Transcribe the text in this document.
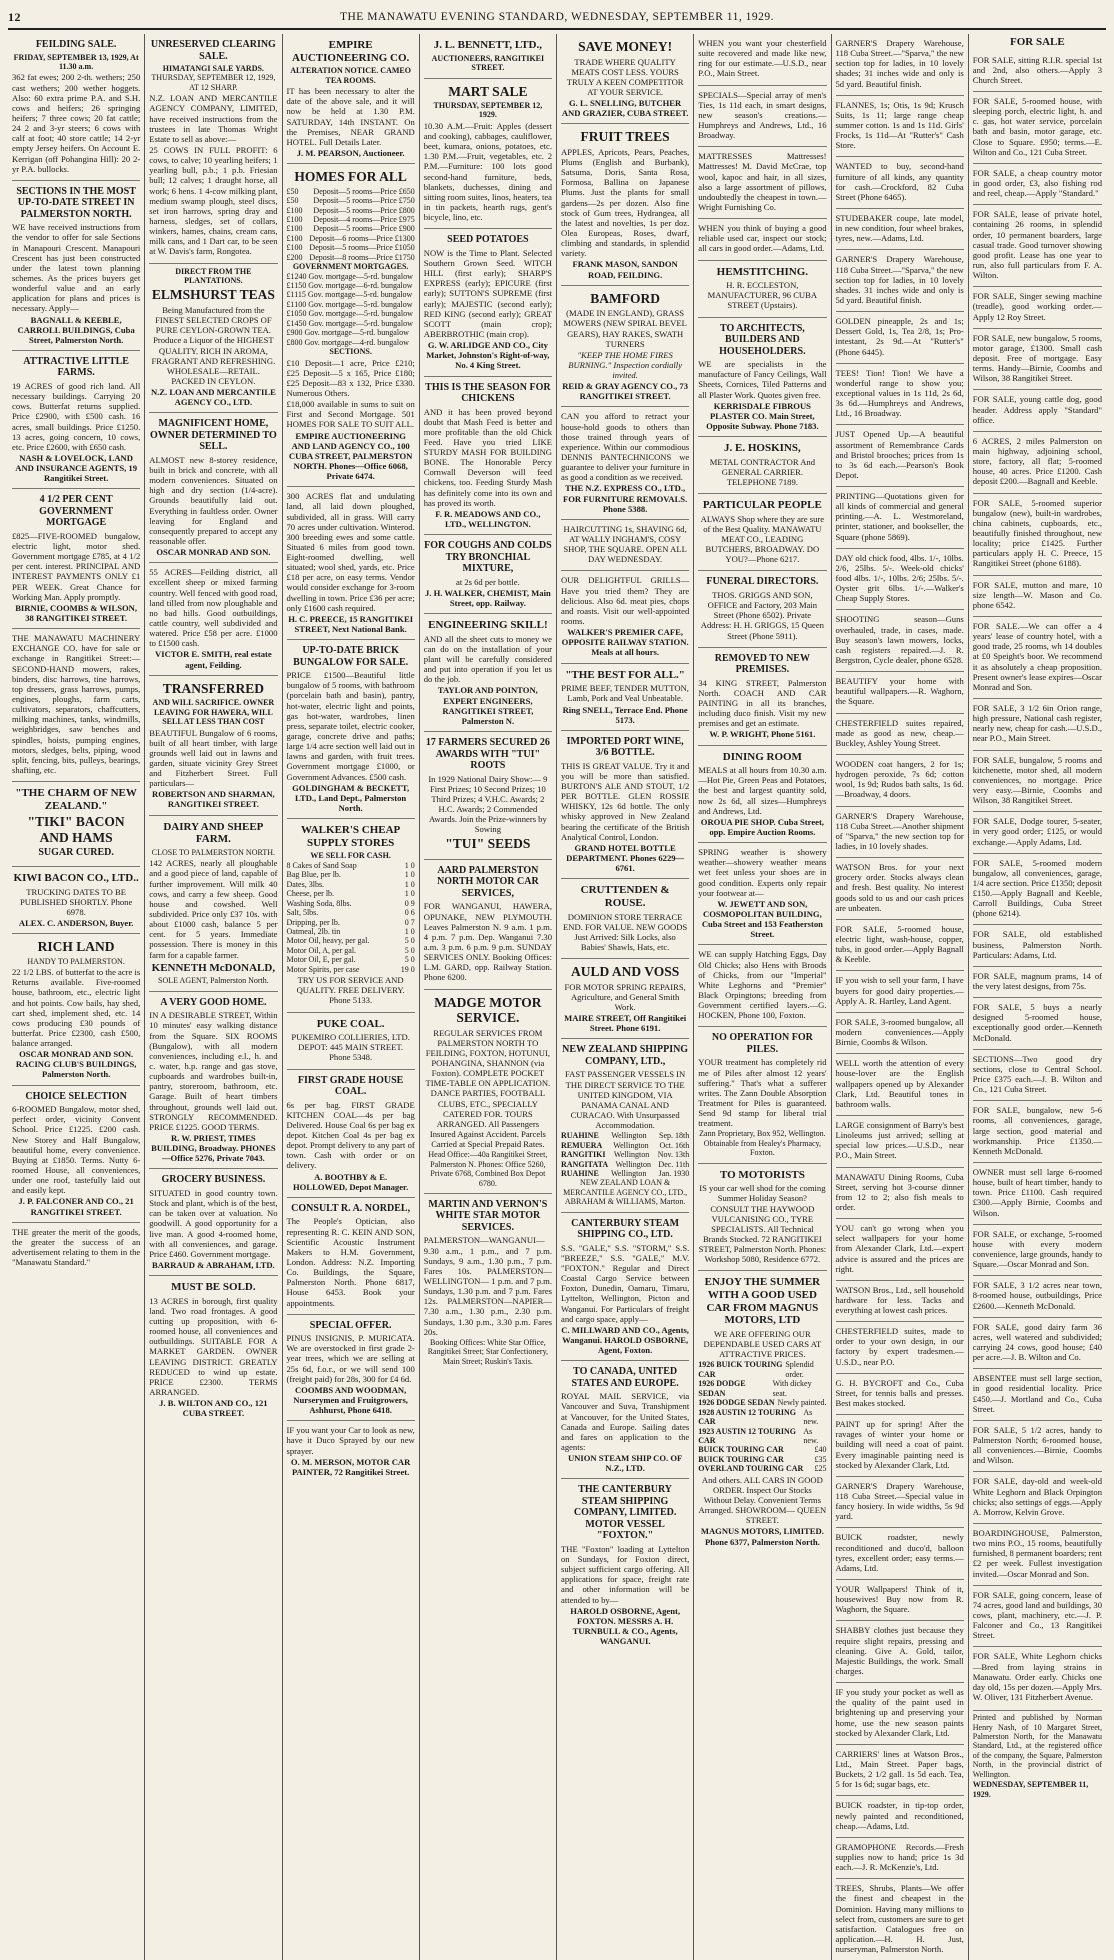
12	THE MANAWATU EVENING STANDARD, WEDNESDAY, SEPTEMBER 11, 1929.
FEILDING SALE.
FRIDAY, SEPTEMBER 13, 1929, At 11.30 a.m.

362 fat ewes; 200 2-th. wethers; 250 cast wethers; 200 wether hoggets. Also: 60 extra prime P.A. and S.H. cows and heifers; 26 springing heifers; 7 three cows; 20 fat cattle; 24 2 and 3-yr steers; 6 cows with calf at foot; 40 store cattle; 14 2-yr empty Jersey heifers. On Account E. Kerrigan (off Pohangina Hill): 20 2-yr P.A. bullocks.

SECTIONS IN THE MOST UP-TO-DATE STREET IN PALMERSTON NORTH.

WE have received instructions from the vendor to offer for sale Sections in Manapouri Crescent. Manapouri Crescent has just been constructed under the latest town planning schemes. As the prices buyers get wonderful value and an early application for plans and prices is necessary. Apply—

BAGNALL & KEEBLE, CARROLL BUILDINGS, Cuba Street, Palmerston North.
ATTRACTIVE LITTLE FARMS.

19 ACRES of good rich land. All necessary buildings. Carrying 20 cows. Butterfat returns supplied. Price £2900, with £500 cash. 16 acres, small buildings. Price £1250. 13 acres, going concern, 10 cows, etc. Price £2600, with £650 cash.

NASH & LOVELOCK, LAND AND INSURANCE AGENTS, 19 Rangitikei Street.
4 1/2 PER CENT GOVERNMENT MORTGAGE

£825—FIVE-ROOMED bungalow, electric light, motor shed. Government mortgage £785, at 4 1/2 per cent. interest. PRINCIPAL AND INTEREST PAYMENTS ONLY £1 PER WEEK. Great Chance for Working Man. Apply promptly.

BIRNIE, COOMBS & WILSON, 38 RANGITIKEI STREET.

THE MANAWATU MACHINERY EXCHANGE CO. have for sale or exchange in Rangitikei Street:— SECOND-HAND mowers, rakes, binders, disc harrows, tine harrows, top dressers, grass harrows, pumps, engines, ploughs, farm carts, cultivators, separators, chaffcutters, milking machines, tanks, windmills, weighbridges, saw benches and spindles, hoists, pumping engines, motors, sledges, belts, piping, wood split, fencing, bits, pulleys, bearings, shafting, etc.

"THE CHARM OF NEW ZEALAND."
"TIKI" BACON AND HAMS
SUGAR CURED.
KIWI BACON CO., LTD..

TRUCKING DATES TO BE PUBLISHED SHORTLY. Phone 6978.

ALEX. C. ANDERSON, Buyer.
RICH LAND
HANDY TO PALMERSTON.

22 1/2 LBS. of butterfat to the acre is Returns available. Five-roomed house, bathroom, etc., electric light and hot points. Cow bails, hay shed, cart shed, implement shed, etc. 14 cows producing £30 pounds of butterfat. Price £2300, cash £500, balance arranged.

OSCAR MONRAD AND SON. RACING CLUB'S BUILDINGS, Palmerston North.
CHOICE SELECTION

6-ROOMED Bungalow, motor shed, perfect order, vicinity Convent School. Price £1225. £200 cash. New Storey and Half Bungalow, beautiful home, every convenience. Buying at £1850. Terms. Nutty 6-roomed House, all conveniences, under one roof, tastefully laid out and easily kept.

J. P. FALCONER AND CO., 21 RANGITIKEI STREET.

THE greater the merit of the goods, the greater the success of an advertisement relating to them in the "Manawatu Standard."

UNRESERVED CLEARING SALE.
HIMATANGI SALE YARDS.
THURSDAY, SEPTEMBER 12, 1929, AT 12 SHARP.

N.Z. LOAN AND MERCANTILE AGENCY COMPANY, LIMITED, have received instructions from the trustees in late Thomas Wright Estate to sell as above:—

25 COWS IN FULL PROFIT: 6 cows, to calve; 10 yearling heifers; 1 yearling bull, p.b.; 1 p.b. Friesian bull; 12 calves; 1 draught horse, all work; 6 hens. 1 4-cow milking plant, medium swamp plough, steel discs, set iron harrows, spring dray and harness, sledges, set of collars, winkers, hames, chains, cream cans, milk cans, and 1 Dart car, to be seen at W. Davis's farm, Rongotea.

DIRECT FROM THE PLANTATIONS.
ELMSHURST TEAS

Being Manufactured from the FINEST SELECTED CROPS OF PURE CEYLON-GROWN TEA. Produce a Liquor of the HIGHEST QUALITY. RICH IN AROMA, FRAGRANT AND REFRESHING. WHOLESALE—RETAIL. PACKED IN CEYLON.

N.Z. LOAN AND MERCANTILE AGENCY CO., LTD.
MAGNIFICENT HOME, OWNER DETERMINED TO SELL.

ALMOST new 8-storey residence, built in brick and concrete, with all modern conveniences. Situated on high and dry section (1/4-acre). Grounds beautifully laid out. Everything in faultless order. Owner leaving for England and consequently prepared to accept any reasonable offer.

OSCAR MONRAD AND SON.

55 ACRES—Feilding district, all excellent sheep or mixed farming country. Well fenced with good road, land tilled from now ploughable and no bad hills. Good outbuildings, cattle country, well subdivided and watered. Price £58 per acre. £1000 to £1500 cash.

VICTOR E. SMITH, real estate agent, Feilding.
TRANSFERRED
AND WILL SACRIFICE. OWNER LEAVING FOR HAWERA, WILL SELL AT LESS THAN COST

BEAUTIFUL Bungalow of 6 rooms, built of all heart timber, with large grounds well laid out in lawns and garden, situate vicinity Grey Street and Fitzherbert Street. Full particulars—

ROBERTSON AND SHARMAN, RANGITIKEI STREET.
DAIRY AND SHEEP FARM.
CLOSE TO PALMERSTON NORTH.

142 ACRES, nearly all ploughable and a good piece of land, capable of further improvement. Will milk 40 cows, and carry a few sheep. Good house and cowshed. Well subdivided. Price only £37 10s. with about £1000 cash, balance 5 per cent. for 5 years. Immediate possession. There is money in this farm for a capable farmer.

KENNETH McDONALD,
SOLE AGENT, Palmerston North.
A VERY GOOD HOME.

IN A DESIRABLE STREET, Within 10 minutes' easy walking distance from the Square. SIX ROOMS (Bungalow), with all modern conveniences, including e.l., h. and c. water, h.p. range and gas stove, cupboards and wardrobes built-in, pantry, storeroom, bathroom, etc. Garage. Built of heart timbers throughout, grounds well laid out. STRONGLY RECOMMENDED. PRICE £1225. GOOD TERMS.

R. W. PRIEST, TIMES BUILDING, Broadway. PHONES—Office 5276, Private 7043.
GROCERY BUSINESS.

SITUATED in good country town. Stock and plant, which is of the best, can be taken over at valuation. No goodwill. A good opportunity for a live man. A good 4-roomed home, with all conveniences, and garage. Price £460. Government mortgage.

BARRAUD & ABRAHAM, LTD.
MUST BE SOLD.

13 ACRES in borough, first quality land. Two road frontages. A good cutting up proposition, with 6-roomed house, all conveniences and outbuildings. SUITABLE FOR A MARKET GARDEN. OWNER LEAVING DISTRICT. GREATLY REDUCED to wind up estate. PRICE £2300. TERMS ARRANGED.

J. B. WILTON AND CO., 121 CUBA STREET.
EMPIRE AUCTIONEERING CO.
ALTERATION NOTICE. CAMEO TEA ROOMS.

IT has been necessary to alter the date of the above sale, and it will now be held at 1.30 P.M. SATURDAY, 14th INSTANT. On the Premises, NEAR GRAND HOTEL. Full Details Later.

J. M. PEARSON, Auctioneer.
HOMES FOR ALL
£50 Deposit—5 rooms—Price £650
£50 Deposit—5 rooms—Price £750
£100 Deposit—5 rooms—Price £800
£100 Deposit—4 rooms—Price £975
£100 Deposit—5 rooms—Price £900
£100 Deposit—6 rooms—Price £1300
£100 Deposit—5 rooms—Price £1050
£200 Deposit—8 rooms—Price £1750
GOVERNMENT MORTGAGES.
£1240 Gov. mortgage—5-rd. bungalow
£1150 Gov. mortgage—6-rd. bungalow
£1115 Gov. mortgage—5-rd. bungalow
£1100 Gov. mortgage—5-rd. bungalow
£1050 Gov. mortgage—5-rd. bungalow
£1450 Gov. mortgage—5-rd. bungalow
£900 Gov. mortgage—5-rd. bungalow
£800 Gov. mortgage—4-rd. bungalow
SECTIONS.

£10 Deposit—1 acre, Price £210; £25 Deposit—5 x 165, Price £180; £25 Deposit—83 x 132, Price £330. Numerous Others.

£18,000 available in sums to suit on First and Second Mortgage. 501 HOMES FOR SALE TO SUIT ALL.

EMPIRE AUCTIONEERING AND LAND AGENCY CO., 100 CUBA STREET, PALMERSTON NORTH. Phones—Office 6068, Private 6474.

300 ACRES flat and undulating land, all laid down ploughed, subdivided, all in grass. Will carry 70 acres under cultivation. Winterod. 300 breeding ewes and some cattle. Situated 6 miles from good town. Eight-roomed dwelling, well situated; wool shed, yards, etc. Price £18 per acre, on easy terms. Vendor would consider exchange for 3-room dwelling in town. Price £36 per acre; only £1600 cash required.

H. C. PREECE, 15 RANGITIKEI STREET, Next National Bank.
UP-TO-DATE BRICK BUNGALOW FOR SALE.

PRICE £1500—Beautiful little bungalow of 5 rooms, with bathroom (porcelain bath and basin), pantry, hot-water, electric light and points, gas hot-water, wardrobes, linen press, separate toilet, electric cooker, garage, concrete drive and paths; large 1/4 acre section well laid out in lawns and garden, with fruit trees. Government mortgage £1000, or Government Advances. £500 cash.

GOLDINGHAM & BECKETT, LTD., Land Dept., Palmerston North.
WALKER'S CHEAP SUPPLY STORES
WE SELL FOR CASH.
8 Cakes of Sand Soap	1 0
Bag Blue, per lb.	1 0
Dates, 3lbs.	1 0
Cheese, per lb.	1 0
Washing Soda, 8lbs.	0 9
Salt, 5lbs.	0 6
Dripping, per lb.	0 7
Oatmeal, 2lb. tin	1 0
Motor Oil, heavy, per gal.	5 0
Motor Oil, A, per gal.	5 0
Motor Oil, E, per gal.	5 0
Motor Spirits, per case	19 0

TRY US FOR SERVICE AND QUALITY. FREE DELIVERY. Phone 5133.

PUKE COAL.

PUKEMIRO COLLIERIES, LTD. DEPOT: 445 MAIN STREET. Phone 5348.

FIRST GRADE HOUSE COAL.

6s per bag. FIRST GRADE KITCHEN COAL—4s per bag Delivered. House Coal 6s per bag ex depot. Kitchen Coal 4s per bag ex depot. Prompt delivery to any part of town. Cash with order or on delivery.

A. BOOTHBY & E. HOLLOWED, Depot Manager.
CONSULT R. A. NORDEL,

The People's Optician, also representing R. C. KEIN AND SON, Scientific Acoustic Instrument Makers to H.M. Government, London. Address: N.Z. Importing Co. Buildings, the Square, Palmerston North. Phone 6817, House 6453. Book your appointments.

SPECIAL OFFER.

PINUS INSIGNIS, P. MURICATA. We are overstocked in first grade 2-year trees, which we are selling at 25s 6d, f.o.r., or we will send 100 (freight paid) for 28s, 300 for £4 6d.

COOMBS AND WOODMAN, Nurserymen and Fruitgrowers, Ashhurst, Phone 6418.

IF you want your Car to look as new, have it Duco Sprayed by our new sprayer.

O. M. MERSON, MOTOR CAR PAINTER, 72 Rangitikei Street.
J. L. BENNETT, LTD.,
AUCTIONEERS, RANGITIKEI STREET.
MART SALE
THURSDAY, SEPTEMBER 12, 1929.

10.30 A.M.—Fruit: Apples (dessert and cooking), cabbages, cauliflower, beet, kumara, onions, potatoes, etc. 1.30 P.M.—Fruit, vegetables, etc. 2 P.M.—Furniture: 100 lots good second-hand furniture, beds, blankets, duchesses, dining and sitting room suites, linos, heaters, tea in tin packets, hearth rugs, gent's bicycle, lino, etc.

SEED POTATOES

NOW is the Time to Plant. Selected Southern Grown Seed. WITCH HILL (first early); SHARP'S EXPRESS (early); EPICURE (first early); SUTTON'S SUPREME (first early); MAJESTIC (second early); RED KING (second early); GREAT SCOTT (main crop); ABERBROTHIC (main crop).

G. W. ARLIDGE AND CO., City Market, Johnston's Right-of-way, No. 4 King Street.
THIS IS THE SEASON FOR CHICKENS

AND it has been proved beyond doubt that Mash Feed is better and more profitable than the old Chick Feed. Have you tried LIKE STURDY MASH FOR BUILDING BONE. The Honorable Percy Cornwall Deverson will feed chickens, too. Feeding Sturdy Mash has definitely come into its own and has proved its worth.

F. R. MEADOWS AND CO., LTD., WELLINGTON.
FOR COUGHS AND COLDS TRY BRONCHIAL MIXTURE,

at 2s 6d per bottle.

J. H. WALKER, CHEMIST, Main Street, opp. Railway.
ENGINEERING SKILL!

AND all the sheet cuts to money we can do on the installation of your plant will be carefully considered and put into operation if you let us do the job.

TAYLOR AND POINTON, EXPERT ENGINEERS, RANGITIKEI STREET, Palmerston N.
17 FARMERS SECURED 26 AWARDS WITH "TUI" ROOTS

In 1929 National Dairy Show:— 9 First Prizes; 10 Second Prizes; 10 Third Prizes; 4 V.H.C. Awards; 2 H.C. Awards; 2 Commended Awards. Join the Prize-winners by Sowing

"TUI" SEEDS
AARD PALMERSTON NORTH MOTOR CAR SERVICES,

FOR WANGANUI, HAWERA, OPUNAKE, NEW PLYMOUTH. Leaves Palmerston N. 9 a.m. 1 p.m. 4 p.m. 7 p.m. Dep. Wanganui 7.30 a.m. 3 p.m. 6 p.m. 9 p.m. SUNDAY SERVICES ONLY. Booking Offices: L.M. GARD, opp. Railway Station. Phone 6200.

MADGE MOTOR SERVICE.

REGULAR SERVICES FROM PALMERSTON NORTH TO FEILDING, FOXTON, HOTUNUI, POHANGINA, SHANNON (via Foxton). COMPLETE POCKET TIME-TABLE ON APPLICATION. DANCE PARTIES, FOOTBALL CLUBS, ETC., SPECIALLY CATERED FOR. TOURS ARRANGED. All Passengers Insured Against Accident. Parcels Carried at Special Prepaid Rates.

Head Office:—40a Rangitikei Street, Palmerston N. Phones: Office 5260, Private 6768, Combined Box Depot 6780.
MARTIN AND VERNON'S WHITE STAR MOTOR SERVICES.

PALMERSTON—WANGANUI— 9.30 a.m., 1 p.m., and 7 p.m. Sundays, 9 a.m., 1.30 p.m., 7 p.m. Fares 10s. PALMERSTON—WELLINGTON— 1 p.m. and 7 p.m. Sundays, 1.30 p.m. and 7 p.m. Fares 12s. PALMERSTON—NAPIER— 7.30 a.m., 1.30 p.m., 2.30 p.m. Sundays, 1.30 p.m., 3.30 p.m. Fares 20s.

Booking Offices: White Star Office, Rangitikei Street; Star Confectionery, Main Street; Ruskin's Taxis.
SAVE MONEY!

TRADE WHERE QUALITY MEATS COST LESS. YOURS TRULY A KEEN COMPETITOR AT YOUR SERVICE.

G. L. SNELLING, BUTCHER AND GRAZIER, CUBA STREET.
FRUIT TREES

APPLES, Apricots, Pears, Peaches, Plums (English and Burbank), Satsuma, Doris, Santa Rosa, Formosa, Ballina on Japanese Plums. Just the plants for small gardens—2s per dozen. Also fine stock of Gum trees, Hydrangea, all the latest and novelties, 1s per doz. Olea Europeas, Roses, dwarf, climbing and standards, in splendid variety.

FRANK MASON, SANDON ROAD, FEILDING.
BAMFORD

(MADE IN ENGLAND), GRASS MOWERS (NEW SPIRAL BEVEL GEARS), HAY RAKES, SWATH TURNERS

"KEEP THE HOME FIRES BURNING." Inspection cordially invited.

REID & GRAY AGENCY CO., 73 RANGITIKEI STREET.

CAN you afford to retract your house-hold goods to others than those trained through years of experience. Within our commodious DENNIS PANTECHNICONS we guarantee to deliver your furniture in as good a condition as we received.

THE N.Z. EXPRESS CO., LTD., FOR FURNITURE REMOVALS. Phone 5388.

HAIRCUTTING 1s, SHAVING 6d, AT WALLY INGHAM'S, COSY SHOP, THE SQUARE. OPEN ALL DAY WEDNESDAY.

OUR DELIGHTFUL GRILLS—Have you tried them? They are delicious. Also 6d. meat pies, chops and roasts. Visit our well-appointed rooms.

WALKER'S PREMIER CAFE, OPPOSITE RAILWAY STATION. Meals at all hours.
"THE BEST FOR ALL."

PRIME BEEF, TENDER MUTTON, Lamb, Pork and Veal Unbeatable.

Ring SNELL, Terrace End. Phone 5173.
IMPORTED PORT WINE, 3/6 BOTTLE.

THIS IS GREAT VALUE. Try it and you will be more than satisfied. BURTON'S ALE AND STOUT, 1/2 PER BOTTLE. GLEN ROSSIE WHISKY, 12s 6d bottle. The only whisky approved in New Zealand bearing the certificate of the British Analytical Control, London.

GRAND HOTEL BOTTLE DEPARTMENT. Phones 6229—6761.
CRUTTENDEN & ROUSE.

DOMINION STORE TERRACE END. FOR VALUE. NEW GOODS Just Arrived: Silk Locks, also Babies' Shawls, Hats, etc.

AULD AND VOSS

FOR MOTOR SPRING REPAIRS, Agriculture, and General Smith Work.

MAIRE STREET, Off Rangitikei Street. Phone 6191.
NEW ZEALAND SHIPPING COMPANY, LTD.,

FAST PASSENGER VESSELS IN THE DIRECT SERVICE TO THE UNITED KINGDOM, VIA PANAMA CANAL AND CURACAO. With Unsurpassed Accommodation.

RUAHINE Wellington Sep. 18th
REMUERA Wellington Oct. 16th
RANGITIKI Wellington Nov. 13th
RANGITATA Wellington Dec. 11th
RUAHINE Wellington Jan. 1930
NEW ZEALAND LOAN & MERCANTILE AGENCY CO., LTD., ABRAHAM & WILLIAMS, Marton.
CANTERBURY STEAM SHIPPING CO., LTD.

S.S. "GALE," S.S. "STORM," S.S. "BREEZE," S.S. "GALE," M.V. "FOXTON." Regular and Direct Coastal Cargo Service between Foxton, Dunedin, Oamaru, Timaru, Lyttelton, Wellington, Picton and Wanganui. For Particulars of freight and cargo space, apply—

C. MILLWARD AND CO., Agents, Wanganui. HAROLD OSBORNE, Agent, Foxton.
TO CANADA, UNITED STATES AND EUROPE.

ROYAL MAIL SERVICE, via Vancouver and Suva, Transhipment at Vancouver, for the United States, Canada and Europe. Sailing dates and fares on application to the agents:

UNION STEAM SHIP CO. OF N.Z., LTD.
THE CANTERBURY STEAM SHIPPING COMPANY, LIMITED. MOTOR VESSEL "FOXTON."

THE "Foxton" loading at Lyttelton on Sundays, for Foxton direct, subject sufficient cargo offering. All applications for space, freight rate and other information will be attended to by—

HAROLD OSBORNE, Agent, FOXTON. MESSRS A. H. TURNBULL & CO., Agents, WANGANUI.

WHEN you want your chesterfield suite recovered and made like new, ring for our estimate.—U.S.D., near P.O., Main Street.

SPECIALS—Special array of men's Ties, 1s 11d each, in smart designs, new season's creations.—Humphreys and Andrews, Ltd., 16 Broadway.

MATTRESSES Mattresses! Mattresses! M. David McCrae, top wool, kapoc and hair, in all sizes, also a large assortment of pillows, undoubtedly the cheapest in town.—Wright Furnishing Co.

WHEN you think of buying a good reliable used car, inspect our stock; all cars in good order.—Adams, Ltd.

HEMSTITCHING.

H. R. ECCLESTON, MANUFACTURER, 96 CUBA STREET (Upstairs).

TO ARCHITECTS, BUILDERS AND HOUSEHOLDERS.

WE are specialists in the manufacture of Fancy Ceilings, Wall Sheets, Cornices, Tiled Patterns and all Plaster Work. Quotes given free.

KERRISDALE FIBROUS PLASTER CO. Main Street, Opposite Subway. Phone 7183.
J. E. HOSKINS,

METAL CONTRACTOR And GENERAL CARRIER. TELEPHONE 7189.

PARTICULAR PEOPLE

ALWAYS Shop where they are sure of the Best Quality. MANAWATU MEAT CO., LEADING BUTCHERS, BROADWAY. DO YOU?—Phone 6217.

FUNERAL DIRECTORS.

THOS. GRIGGS AND SON, OFFICE and Factory, 203 Main Street (Phone 6502). Private Address: H. H. GRIGGS, 15 Queen Street (Phone 5911).

REMOVED TO NEW PREMISES.

34 KING STREET, Palmerston North. COACH AND CAR PAINTING in all its branches, including duco finish. Visit my new premises and get an estimate.

W. P. WRIGHT, Phone 5161.
DINING ROOM

MEALS at all hours from 10.30 a.m.—Hot Pie, Green Peas and Potatoes, the best and largest quantity sold, now 2s 6d, all sizes—Humphreys and Andrews, Ltd.

OROUA PIE SHOP. Cuba Street, opp. Empire Auction Rooms.

SPRING weather is showery weather—showery weather means wet feet unless your shoes are in good condition. Experts only repair your footwear at—

W. JEWETT AND SON, COSMOPOLITAN BUILDING, Cuba Street and 153 Featherston Street.

WE can supply Hatching Eggs, Day Old Chicks; also Hens with Broods of Chicks, from our "Imperial" White Leghorns and "Premier" Black Orpingtons; breeding from Government certified layers.—G. HOCKEN, Phone 100, Foxton.

NO OPERATION FOR PILES.

YOUR treatment has completely rid me of Piles after almost 12 years' suffering." That's what a sufferer writes. The Zann Double Absorption Treatment for Piles is guaranteed. Send 9d stamp for liberal trial treatment.

Zann Proprietary, Box 952, Wellington. Obtainable from Healey's Pharmacy, Foxton.
TO MOTORISTS

IS your car well shod for the coming Summer Holiday Season? CONSULT THE HAYWOOD VULCANISING CO., TYRE SPECIALISTS. All Technical Brands Stocked. 72 RANGITIKEI STREET, Palmerston North. Phones: Workshop 5080, Residence 6772.

ENJOY THE SUMMER WITH A GOOD USED CAR FROM MAGNUS MOTORS, LTD

WE ARE OFFERING OUR DEPENDABLE USED CARS AT ATTRACTIVE PRICES.

1926 BUICK TOURING CAR
Splendid order.
1926 DODGE SEDAN
With dickey seat.
1926 DODGE SEDAN Newly painted.
1928 AUSTIN 12 TOURING CAR
As new.
1923 AUSTIN 12 TOURING CAR
As new.
BUICK TOURING CAR	£40
BUICK TOURING CAR	£35
OVERLAND TOURING CAR £25

And others. ALL CARS IN GOOD ORDER. Inspect Our Stocks Without Delay. Convenient Terms Arranged. SHOWROOM— QUEEN STREET.

MAGNUS MOTORS, LIMITED. Phone 6377, Palmerston North.

GARNER'S Drapery Warehouse, 118 Cuba Street.—"Sparva," the new section top for ladies, in 10 lovely shades; 31 inches wide and only is 5d yard. Beautiful finish.

FLANNES, 1s; Otis, 1s 9d; Krusch Suits, 1s 11; large range cheap summer cotton. 1s and 1s 11d. Girls' Frocks, 1s 11d—At "Rutter's" Cash Store.

WANTED to buy, second-hand furniture of all kinds, any quantity for cash.—Crockford, 82 Cuba Street (Phone 6465).

STUDEBAKER coupe, late model, in new condition, four wheel brakes, tyres, new.—Adams, Ltd.

GARNER'S Drapery Warehouse, 118 Cuba Street.—"Sparva," the new section top for ladies, in 10 lovely shades. 31 inches wide and only is 5d yard. Beautiful finish.

GOLDEN pineapple, 2s and 1s; Dessert Gold, 1s, Tea 2/8, 1s; Pro-intestant, 2s 9d.—At "Rutter's" (Phone 6445).

TEES! Tion! Tion! We have a wonderful range to show you; exceptional values in 1s 11d, 2s 6d, 3s 6d.—Humphreys and Andrews, Ltd., 16 Broadway.

JUST Opened Up.—A beautiful assortment of Remembrance Cards and Bristol brooches; prices from 1s to 3s 6d each.—Pearson's Book Depot.

PRINTING—Quotations given for all kinds of commercial and general printing.—A. L. Westmoreland, printer, stationer, and bookseller, the Square (phone 5869).

DAY old chick food, 4lbs. 1/-, 10lbs. 2/6, 25lbs. 5/-. Week-old chicks' food 4lbs. 1/-, 10lbs. 2/6; 25lbs. 5/-. Oyster grit 6lbs. 1/-.—Walker's Cheap Supply Stores.

SHOOTING season—Guns overhauled, trade, in cases, made. Buy season's lawn mowers, locks, cash registers repaired.—J. R. Bergstron, Cycle dealer, phone 6528.

BEAUTIFY your home with beautiful wallpapers.—R. Waghorn, the Square.

CHESTERFIELD suites repaired, made as good as new, cheap.—Buckley, Ashley Young Street.

WOODEN coat hangers, 2 for 1s; hydrogen peroxide, 7s 6d; cotton wool, 1s 9d; Rudos bath salts, 1s 6d.—Broadway, 4 doors.

GARNER'S Drapery Warehouse, 118 Cuba Street.—Another shipment of "Sparva," the new section top for ladies, in 10 lovely shades.

WATSON Bros. for your next grocery order. Stocks always clean and fresh. Best quality. No interest goods sold to us and our cash prices are unbeaten.

FOR SALE, 5-roomed house, electric light, wash-house, copper, tubs, in good order.—Apply Bagnall & Keeble.

IF you wish to sell your farm, I have buyers for good dairy properties.—Apply A. R. Hartley, Land Agent.

FOR SALE, 3-roomed bungalow, all modern conveniences.—Apply Birnie, Coombs & Wilson.

WELL worth the attention of every house-lover are the English wallpapers opened up by Alexander Clark, Ltd. Beautiful tones in bathroom walls.

LARGE consignment of Barry's best Linoleums just arrived; selling at special low prices.—U.S.D., near P.O., Main Street.

MANAWATU Dining Rooms, Cuba Street, serving hot 3-course dinner from 12 to 2; also fish meals to order.

YOU can't go wrong when you select wallpapers for your home from Alexander Clark, Ltd.—expert advice is assured and the prices are right.

WATSON Bros., Ltd., sell household hardware for less. Tacks and everything at lowest cash prices.

CHESTERFIELD suites, made to order to your own design, in our factory by expert tradesmen.—U.S.D., near P.O.

G. H. BYCROFT and Co., Cuba Street, for tennis balls and presses. Best makes stocked.

PAINT up for spring! After the ravages of winter your home or building will need a coat of paint. Every imaginable painting need is stocked by Alexander Clark, Ltd.

GARNER'S Drapery Warehouse, 118 Cuba Street.—Special value in fancy hosiery. In wide widths, 5s 9d yard.

BUICK roadster, newly reconditioned and duco'd, balloon tyres, excellent order; easy terms.—Adams, Ltd.

YOUR Wallpapers! Think of it, housewives! Buy now from R. Waghorn, the Square.

SHABBY clothes just because they require slight repairs, pressing and cleaning. Give A. Gold, tailor, Majestic Buildings, the work. Small charges.

IF you study your pocket as well as the quality of the paint used in brightening up and preserving your home, use the new season paints stocked by Alexander Clark, Ltd.

CARRIERS' lines at Watson Bros., Ltd., Main Street. Paper bags, Buckets, 2 1/2 gall. 1s 5d each. Tea, 5 for 1s 6d; sugar bags, etc.

BUICK roadster, in tip-top order, newly painted and reconditioned, cheap.—Adams, Ltd.

GRAMOPHONE Records.—Fresh supplies now to hand; price 1s 3d each.—J. R. McKenzie's, Ltd.

TREES, Shrubs, Plants—We offer the finest and cheapest in the Dominion. Having many millions to select from, customers are sure to get satisfaction. Catalogues free on application.—H. H. Just, nurseryman, Palmerston North.

FOR SALE

FOR SALE, sitting R.I.R. special 1st and 2nd, also others.—Apply 3 Church Street.

FOR SALE, 5-roomed house, with sleeping porch, electric light, h. and c. gas, hot water service, porcelain bath and basin, motor garage, etc. Close to Square. £950; terms.—E. Wilton and Co., 121 Cuba Street.

FOR SALE, a cheap country motor in good order, £3, also fishing rod and reel, cheap.—Apply "Standard."

FOR SALE, lease of private hotel, containing 26 rooms, in splendid order, 10 permanent boarders, large casual trade. Good turnover showing good profit. Lease has one year to run, also full particulars from F. A. Wilton.

FOR SALE, Singer sewing machine (treadle), good working order.—Apply 12 Roy Street.

FOR SALE, new bungalow, 5 rooms, motor garage, £1300. Small cash deposit. Free of mortgage. Easy terms. Handy—Birnie, Coombs and Wilson, 38 Rangitikei Street.

FOR SALE, young cattle dog, good header. Address apply "Standard" office.

6 ACRES, 2 miles Palmerston on main highway, adjoining school, store, factory, all flat; 5-roomed house, 40 acres. Price £1200. Cash deposit £200.—Bagnall and Keeble.

FOR SALE, 5-roomed superior bungalow (new), built-in wardrobes, china cabinets, cupboards, etc., beautifully finished throughout, new locality; price £1425. Further particulars apply H. C. Preece, 15 Rangitikei Street (phone 6188).

FOR SALE, mutton and mare, 10 size length—W. Mason and Co. phone 6542.

FOR SALE.—We can offer a 4 years' lease of country hotel, with a good trade, 25 rooms, wh 14 doubles at £0 Speight's boor. We recommend it as absolutely a cheap proposition. Present owner's lease expires—Oscar Monrad and Son.

FOR SALE, 3 1/2 6in Orion range, high pressure, National cash register, nearly new, cheap for cash.—U.S.D., near P.O., Main Street.

FOR SALE, bungalow, 5 rooms and kitchenette, motor shed, all modern conveniences, no mortgage. Price very easy.—Birnie, Coombs and Wilson, 38 Rangitikei Street.

FOR SALE, Dodge tourer, 5-seater, in very good order; £125, or would exchange.—Apply Adams, Ltd.

FOR SALE, 5-roomed modern bungalow, all conveniences, garage, 1/4 acre section. Price £1350; deposit £150.—Apply Bagnall and Keeble, Carroll Buildings, Cuba Street (phone 6214).

FOR SALE, old established business, Palmerston North. Particulars: Adams, Ltd.

FOR SALE, magnum prams, 14 of the very latest designs, from 75s.

FOR SALE, 5 buys a nearly designed 5-roomed house, exceptionally good order.—Kenneth McDonald.

SECTIONS—Two good dry sections, close to Central School. Price £375 each.—J. B. Wilton and Co., 121 Cuba Street.

FOR SALE, bungalow, new 5-6 rooms, all conveniences, garage, large section, good material and workmanship. Price £1350.—Kenneth McDonald.

OWNER must sell large 6-roomed house, built of heart timber, handy to town. Price £1100. Cash required £300.—Apply Birnie, Coombs and Wilson.

FOR SALE, or exchange, 5-roomed house with every modern convenience, large grounds, handy to Square.—Oscar Monrad and Son.

FOR SALE, 3 1/2 acres near town, 8-roomed house, outbuildings, Price £2600.—Kenneth McDonald.

FOR SALE, good dairy farm 36 acres, well watered and subdivided; carrying 24 cows, good house; £40 per acre.—J. B. Wilton and Co.

ABSENTEE must sell large section, in good residential locality. Price £450.—J. Mortland and Co., Cuba Street.

FOR SALE, 5 1/2 acres, handy to Palmerston North; 6-roomed house, all conveniences.—Birnie, Coombs and Wilson.

FOR SALE, day-old and week-old White Leghorn and Black Orpington chicks; also settings of eggs.—Apply A. Morrow, Kelvin Grove.

BOARDINGHOUSE, Palmerston, two mins P.O., 15 rooms, beautifully furnished, 8 permanent boarders; rent £2 per week. Fullest investigation invited.—Oscar Monrad and Son.

FOR SALE, going concern, lease of 74 acres, good land and buildings, 30 cows, plant, machinery, etc.—J. P. Falconer and Co., 13 Rangitikei Street.

FOR SALE, White Leghorn chicks—Bred from laying strains in Manawatu. Order early. Chicks one day old, 15s per dozen.—Apply Mrs. W. Oliver, 131 Fitzherbert Avenue.

Printed and published by Norman Henry Nash, of 10 Margaret Street, Palmerston North, for the Manawatu Standard, Ltd., at the registered office of the company, the Square, Palmerston North, in the provincial district of Wellington.

WEDNESDAY, SEPTEMBER 11, 1929.
